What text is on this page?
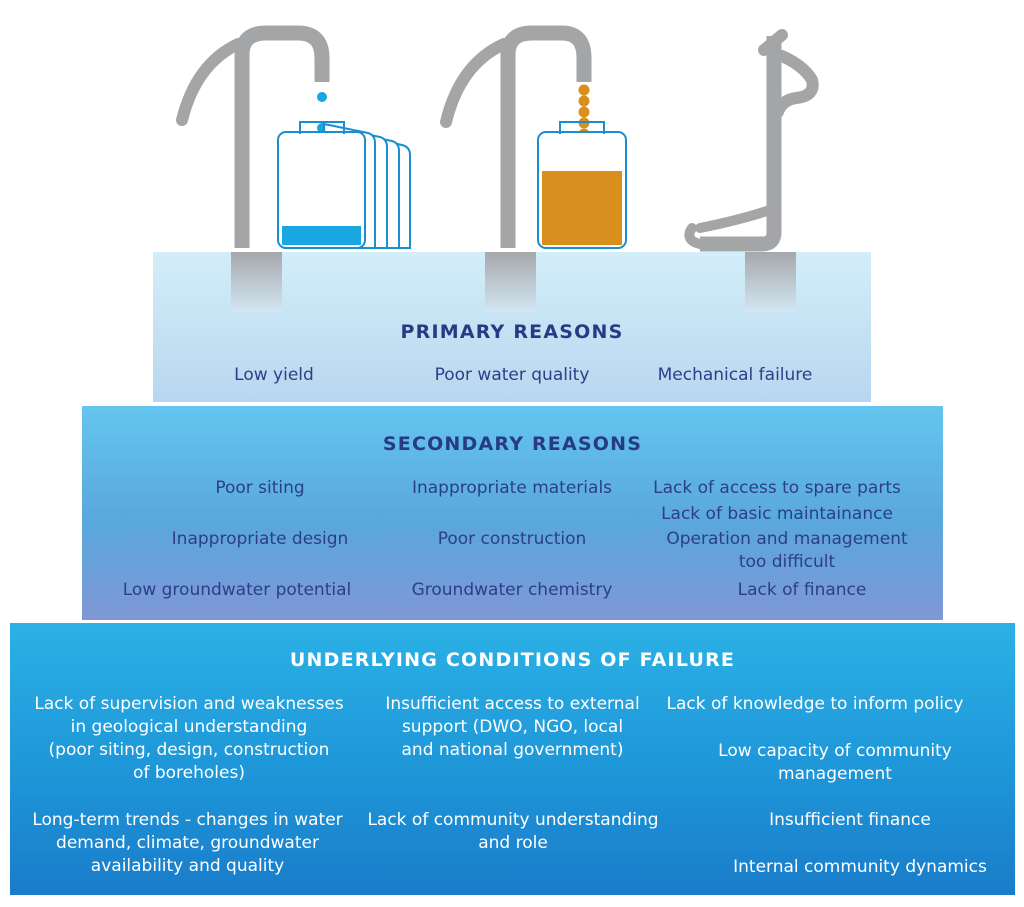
PRIMARY REASONS

Low yield	Poor water quality	Mechanical failure

SECONDARY REASONS

Poor siting	Inappropriate materials	Lack of access to spare parts

Lack of basic maintainance

Inappropriate design	Poor construction	Operation and management
too difficult

Low groundwater potential	Groundwater chemistry	Lack of finance

UNDERLYING CONDITIONS OF FAILURE

Lack of supervision and weaknesses
in geological understanding
(poor siting, design, construction
of boreholes)

Insufficient access to external
support (DWO, NGO, local
and national government)

Lack of knowledge to inform policy

Low capacity of community
management

Long-term trends - changes in water
demand, climate, groundwater
availability and quality

Lack of community understanding
and role

Insufficient finance

Internal community dynamics
